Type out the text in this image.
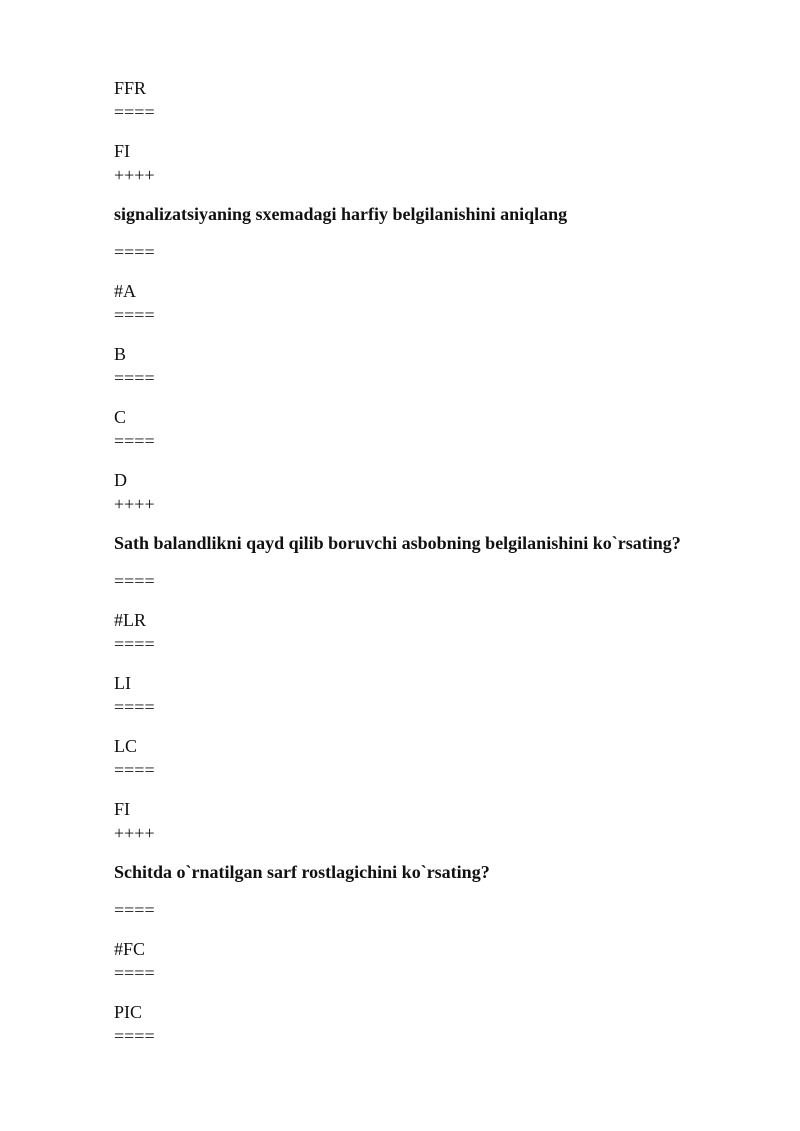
FFR
====
FI
++++
signalizatsiyaning sxemadagi harfiy belgilanishini aniqlang
====
#A
====
B
====
C
====
D
++++
Sath balandlikni qayd qilib boruvchi asbobning belgilanishini ko`rsating?
====
#LR
====
LI
====
LC
====
FI
++++
Schitda o`rnatilgan sarf rostlagichini ko`rsating?
====
#FC
====
PIC
====
